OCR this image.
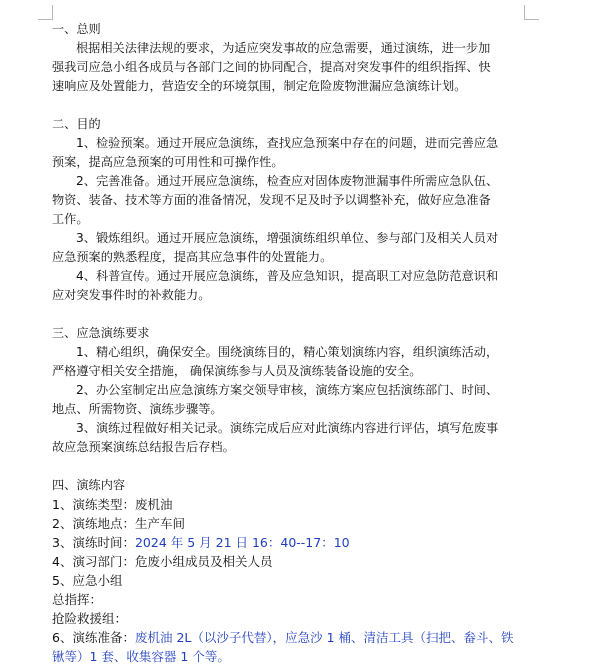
一、总则
根据相关法律法规的要求，为适应突发事故的应急需要，通过演练，进一步加
强我司应急小组各成员与各部门之间的协同配合，提高对突发事件的组织指挥、快
速响应及处置能力，营造安全的环境氛围，制定危险废物泄漏应急演练计划。
二、目的
1、检验预案。通过开展应急演练，查找应急预案中存在的问题，进而完善应急
预案，提高应急预案的可用性和可操作性。
2、完善准备。通过开展应急演练，检查应对固体废物泄漏事件所需应急队伍、
物资、装备、技术等方面的准备情况，发现不足及时予以调整补充，做好应急准备
工作。
3、锻炼组织。通过开展应急演练，增强演练组织单位、参与部门及相关人员对
应急预案的熟悉程度，提高其应急事件的处置能力。
4、科普宣传。通过开展应急演练，普及应急知识，提高职工对应急防范意识和
应对突发事件时的补救能力。
三、应急演练要求
1、精心组织，确保安全。围绕演练目的，精心策划演练内容，组织演练活动，
严格遵守相关安全措施， 确保演练参与人员及演练装备设施的安全。
2、办公室制定出应急演练方案交领导审核，演练方案应包括演练部门、时间、
地点、所需物资、演练步骤等。
3、演练过程做好相关记录。演练完成后应对此演练内容进行评估，填写危废事
故应急预案演练总结报告后存档。
四、演练内容
1、演练类型：废机油
2、演练地点：生产车间
3、演练时间：2024 年 5 月 21 日 16：40--17：10
4、演习部门：危废小组成员及相关人员
5、应急小组
总指挥：
抢险救援组：
6、演练准备：废机油 2L（以沙子代替），应急沙 1 桶、清洁工具（扫把、畚斗、铁
锹等）1 套、收集容器 1 个等。
